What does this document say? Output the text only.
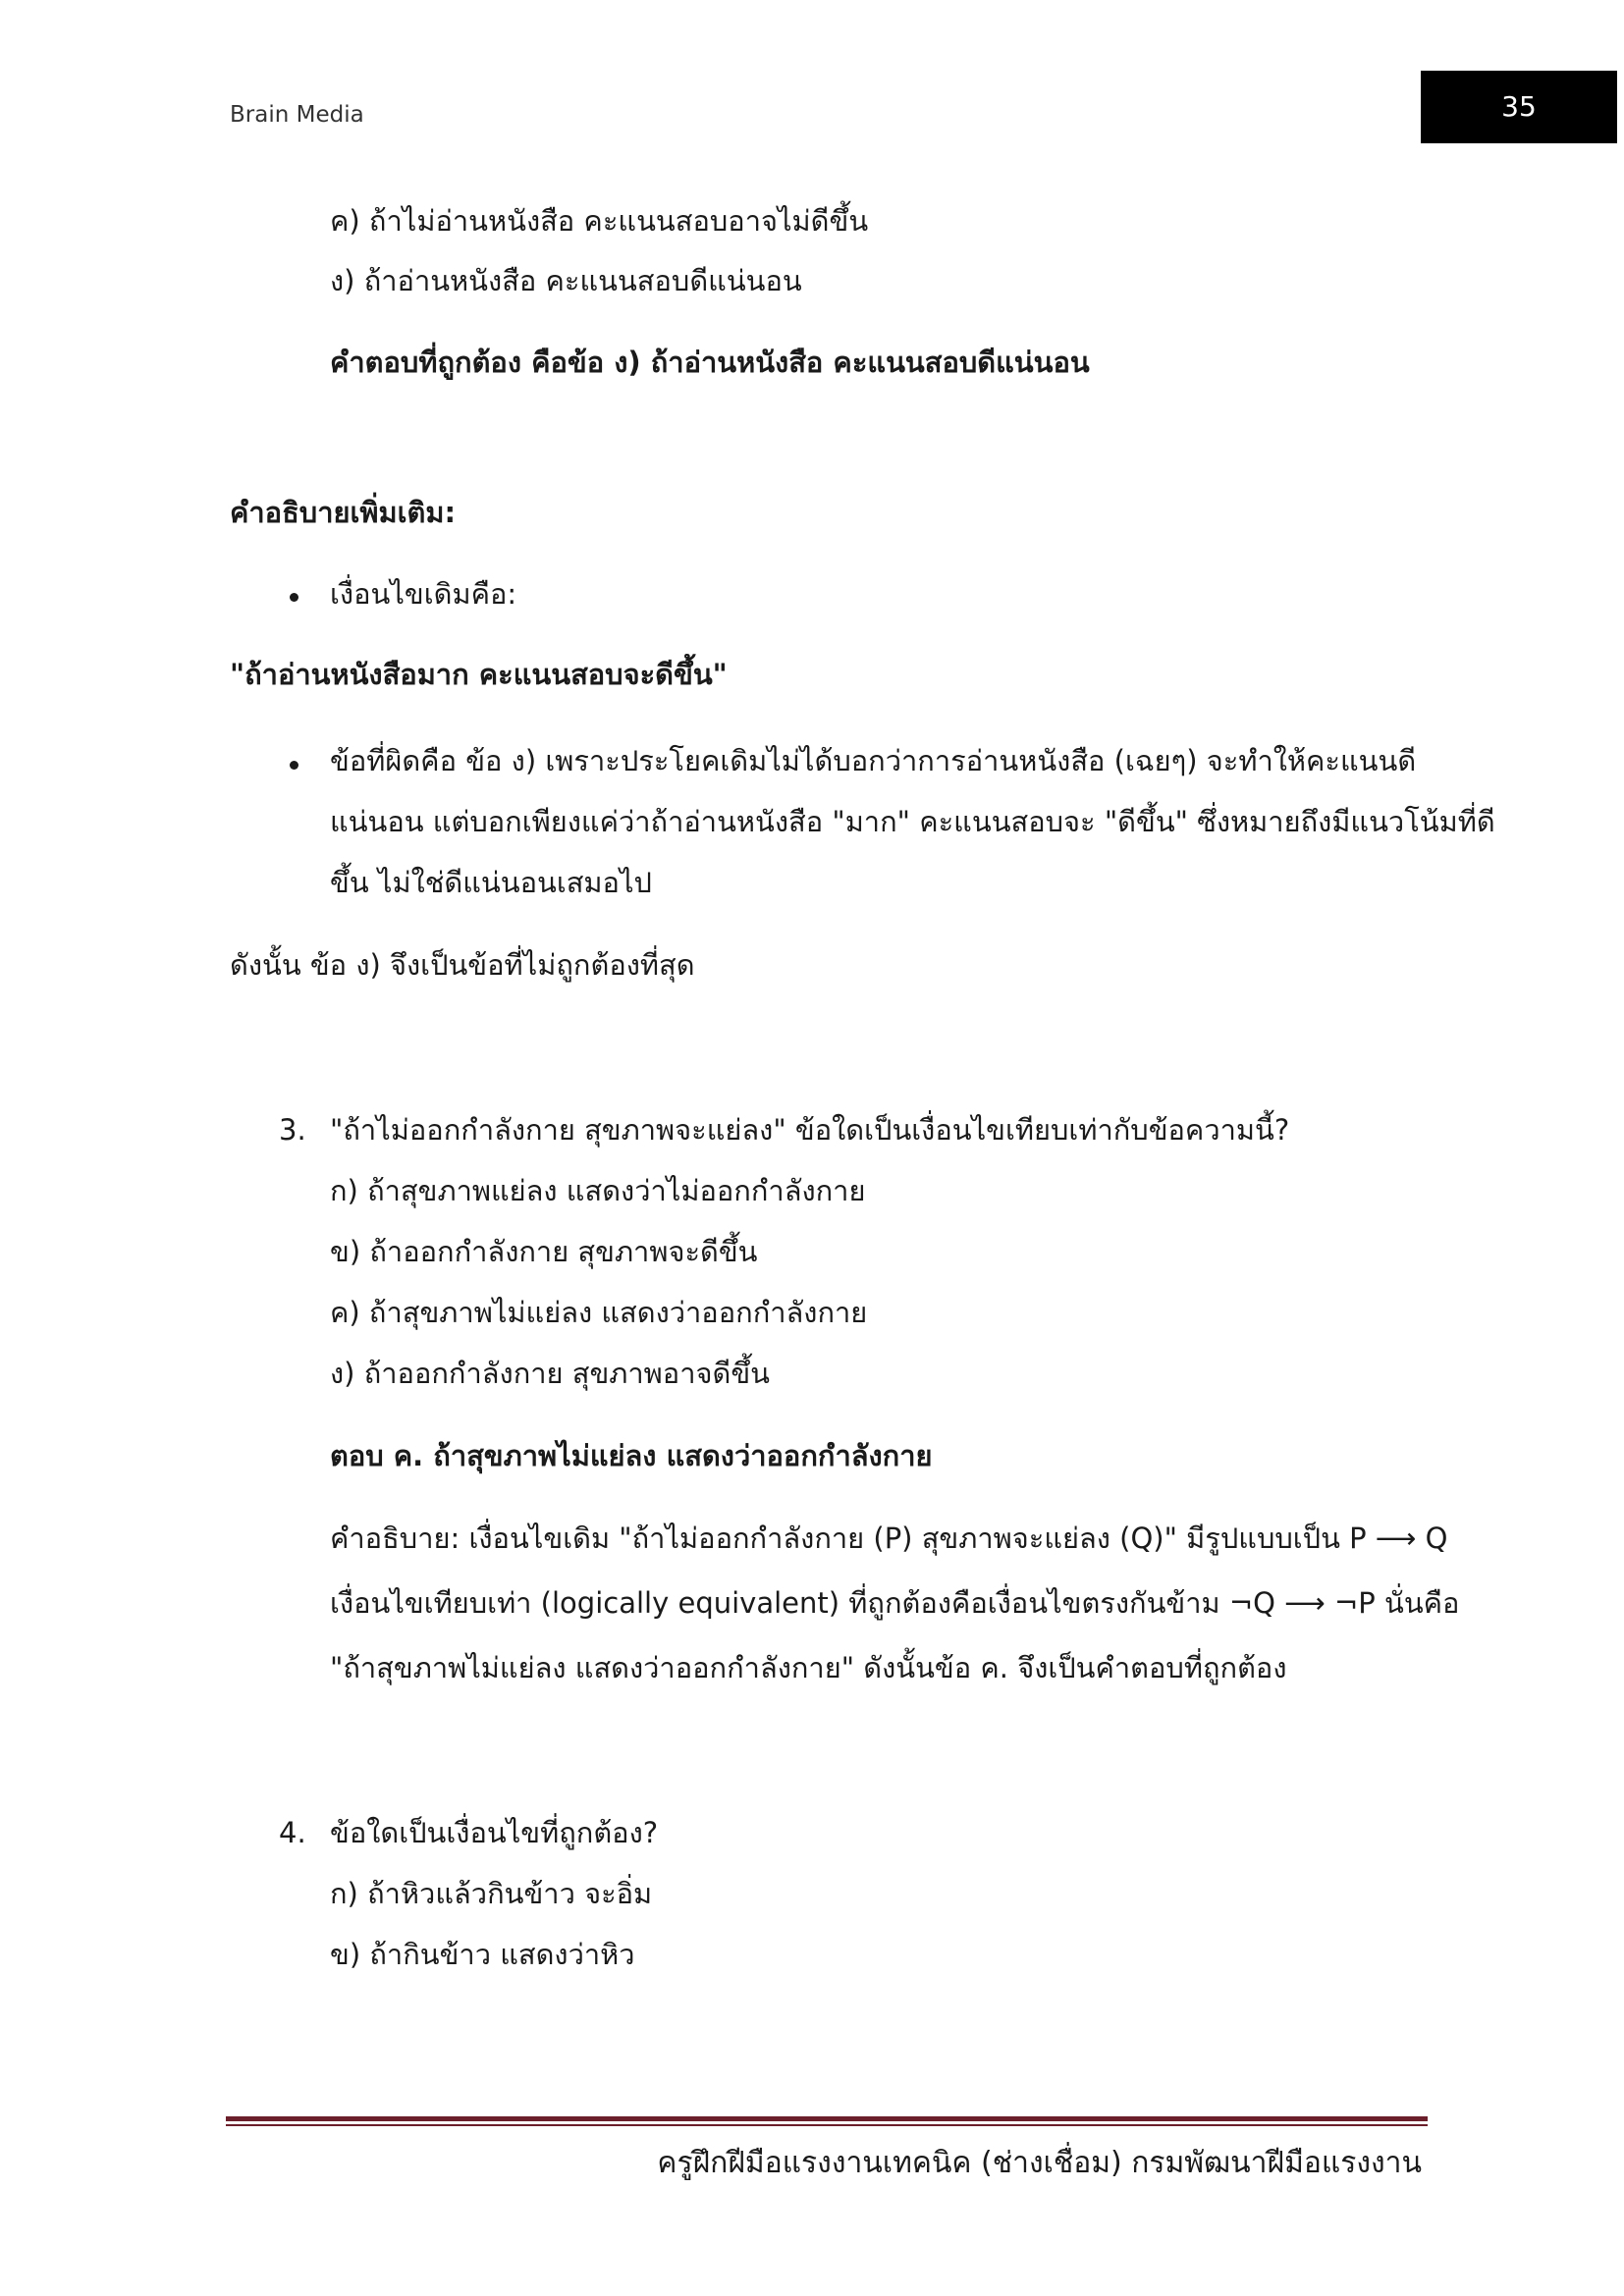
Brain Media	35
ค) ถ้าไม่อ่านหนังสือ คะแนนสอบอาจไม่ดีขึ้น
ง) ถ้าอ่านหนังสือ คะแนนสอบดีแน่นอน
คำตอบที่ถูกต้อง คือข้อ ง) ถ้าอ่านหนังสือ คะแนนสอบดีแน่นอน
คำอธิบายเพิ่มเติม:
เงื่อนไขเดิมคือ:
"ถ้าอ่านหนังสือมาก คะแนนสอบจะดีขึ้น"
ข้อที่ผิดคือ ข้อ ง) เพราะประโยคเดิมไม่ได้บอกว่าการอ่านหนังสือ (เฉยๆ) จะทำให้คะแนนดี
แน่นอน แต่บอกเพียงแค่ว่าถ้าอ่านหนังสือ "มาก" คะแนนสอบจะ "ดีขึ้น" ซึ่งหมายถึงมีแนวโน้มที่ดี
ขึ้น ไม่ใช่ดีแน่นอนเสมอไป
ดังนั้น ข้อ ง) จึงเป็นข้อที่ไม่ถูกต้องที่สุด
3. "ถ้าไม่ออกกำลังกาย สุขภาพจะแย่ลง" ข้อใดเป็นเงื่อนไขเทียบเท่ากับข้อความนี้?
ก) ถ้าสุขภาพแย่ลง แสดงว่าไม่ออกกำลังกาย
ข) ถ้าออกกำลังกาย สุขภาพจะดีขึ้น
ค) ถ้าสุขภาพไม่แย่ลง แสดงว่าออกกำลังกาย
ง) ถ้าออกกำลังกาย สุขภาพอาจดีขึ้น
ตอบ ค. ถ้าสุขภาพไม่แย่ลง แสดงว่าออกกำลังกาย
คำอธิบาย: เงื่อนไขเดิม "ถ้าไม่ออกกำลังกาย (P) สุขภาพจะแย่ลง (Q)" มีรูปแบบเป็น P ⟶ Q
เงื่อนไขเทียบเท่า (logically equivalent) ที่ถูกต้องคือเงื่อนไขตรงกันข้าม ¬Q ⟶ ¬P นั่นคือ
"ถ้าสุขภาพไม่แย่ลง แสดงว่าออกกำลังกาย" ดังนั้นข้อ ค. จึงเป็นคำตอบที่ถูกต้อง
4. ข้อใดเป็นเงื่อนไขที่ถูกต้อง?
ก) ถ้าหิวแล้วกินข้าว จะอิ่ม
ข) ถ้ากินข้าว แสดงว่าหิว
ครูฝึกฝีมือแรงงานเทคนิค (ช่างเชื่อม) กรมพัฒนาฝีมือแรงงาน
